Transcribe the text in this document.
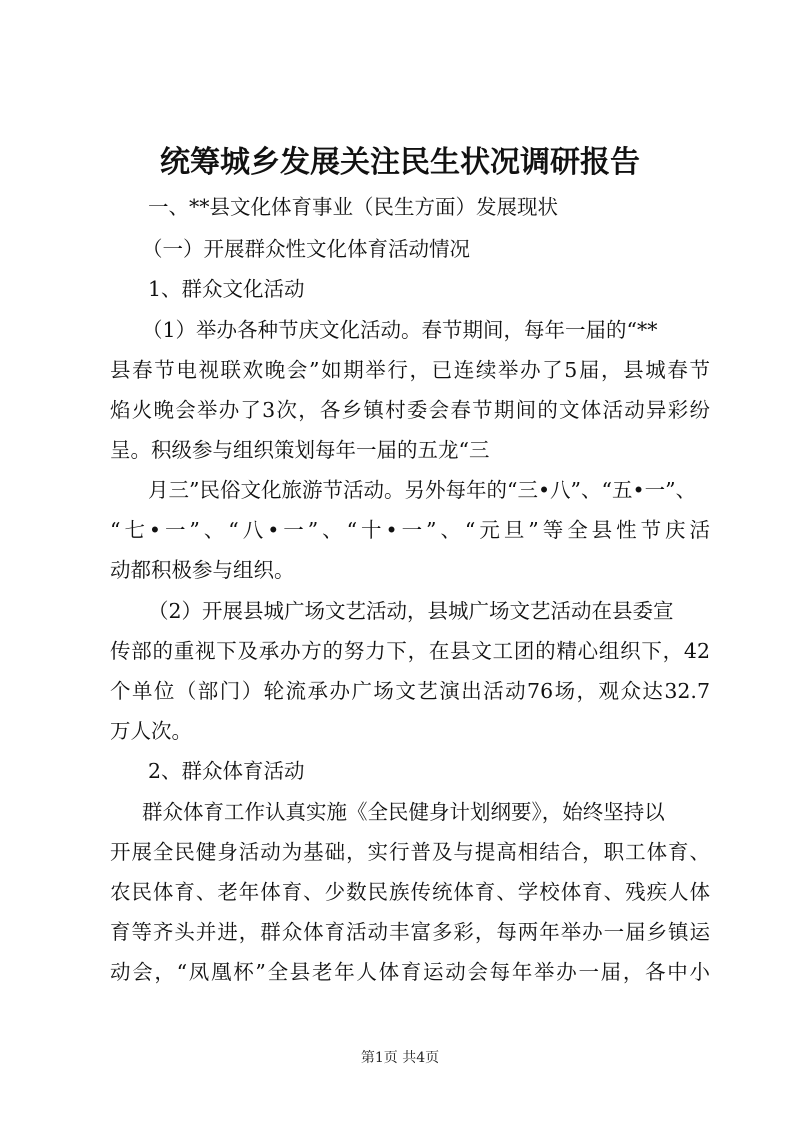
统筹城乡发展关注民生状况调研报告
一、**县文化体育事业（民生方面）发展现状
（一）开展群众性文化体育活动情况
1、群众文化活动
（1）举办各种节庆文化活动。春节期间，每年一届的“**
县春节电视联欢晚会”如期举行，已连续举办了5届，县城春节
焰火晚会举办了3次，各乡镇村委会春节期间的文体活动异彩纷
呈。积级参与组织策划每年一届的五龙“三
月三”民俗文化旅游节活动。另外每年的“三•八”、“五•一”、
“七•一”、“八•一”、“十•一”、“元旦”等全县性节庆活
动都积极参与组织。
（2）开展县城广场文艺活动，县城广场文艺活动在县委宣
传部的重视下及承办方的努力下，在县文工团的精心组织下，42
个单位（部门）轮流承办广场文艺演出活动76场，观众达32.7
万人次。
2、群众体育活动
群众体育工作认真实施《全民健身计划纲要》，始终坚持以
开展全民健身活动为基础，实行普及与提高相结合，职工体育、
农民体育、老年体育、少数民族传统体育、学校体育、残疾人体
育等齐头并进，群众体育活动丰富多彩，每两年举办一届乡镇运
动会，“凤凰杯”全县老年人体育运动会每年举办一届，各中小
第1页 共4页
